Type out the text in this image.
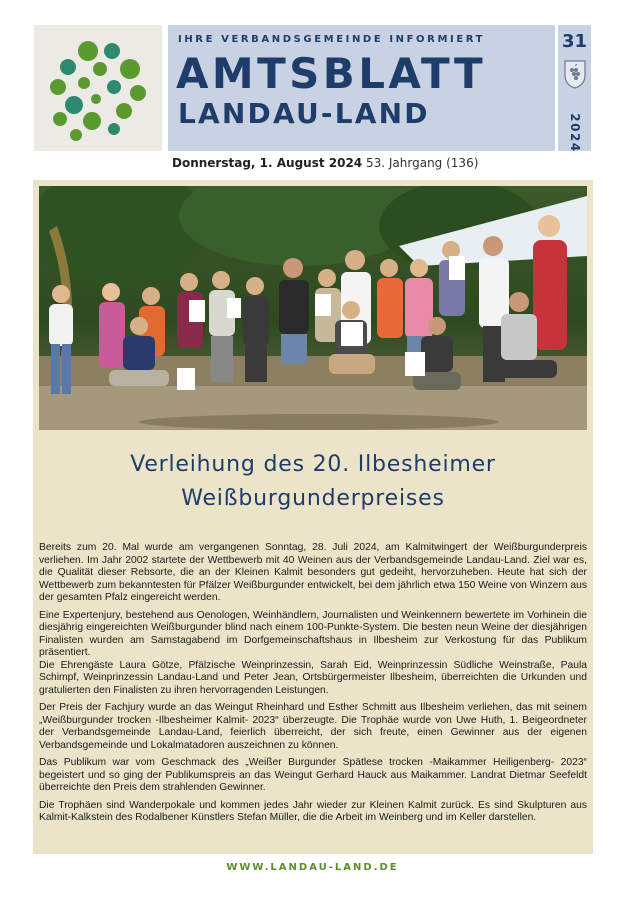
IHRE VERBANDSGEMEINDE INFORMIERT
AMTSBLATT
LANDAU-LAND
31
2024
Donnerstag, 1. August 2024 53. Jahrgang (136)
Verleihung des 20. Ilbesheimer
Weißburgunderpreises

Bereits zum 20. Mal wurde am vergangenen Sonntag, 28. Juli 2024, am Kalmitwingert der Weißburgunderpreis verliehen. Im Jahr 2002 startete der Wettbewerb mit 40 Weinen aus der Verbandsgemeinde Landau-Land. Ziel war es, die Qualität dieser Rebsorte, die an der Kleinen Kalmit besonders gut gedeiht, hervorzuheben. Heute hat sich der Wettbewerb zum bekanntesten für Pfälzer Weißburgunder entwickelt, bei dem jährlich etwa 150 Weine von Winzern aus der gesamten Pfalz eingereicht werden.

Eine Expertenjury, bestehend aus Oenologen, Weinhändlern, Journalisten und Weinkennern bewertete im Vorhinein die diesjährig eingereichten Weißburgunder blind nach einem 100-Punkte-System. Die besten neun Weine der diesjährigen Finalisten wurden am Samstagabend im Dorfgemeinschaftshaus in Ilbesheim zur Verkostung für das Publikum präsentiert.

Die Ehrengäste Laura Götze, Pfälzische Weinprinzessin, Sarah Eid, Weinprinzessin Südliche Weinstraße, Paula Schimpf, Weinprinzessin Landau-Land und Peter Jean, Ortsbürgermeister Ilbesheim, überreichten die Urkunden und gratulierten den Finalisten zu ihren hervorragenden Leistungen.

Der Preis der Fachjury wurde an das Weingut Rheinhard und Esther Schmitt aus Ilbesheim verliehen, das mit seinem „Weißburgunder trocken -Ilbesheimer Kalmit- 2023“ überzeugte. Die Trophäe wurde von Uwe Huth, 1. Beigeordneter der Verbandsgemeinde Landau-Land, feierlich überreicht, der sich freute, einen Gewinner aus der eigenen Verbandsgemeinde und Lokalmatadoren auszeichnen zu können.

Das Publikum war vom Geschmack des „Weißer Burgunder Spätlese trocken -Maikammer Heiligenberg- 2023“ begeistert und so ging der Publikumspreis an das Weingut Gerhard Hauck aus Maikammer. Landrat Dietmar Seefeldt überreichte den Preis dem strahlenden Gewinner.

Die Trophäen sind Wanderpokale und kommen jedes Jahr wieder zur Kleinen Kalmit zurück. Es sind Skulpturen aus Kalmit-Kalkstein des Rodalbener Künstlers Stefan Müller, die die Arbeit im Weinberg und im Keller darstellen.

WWW.LANDAU-LAND.DE
